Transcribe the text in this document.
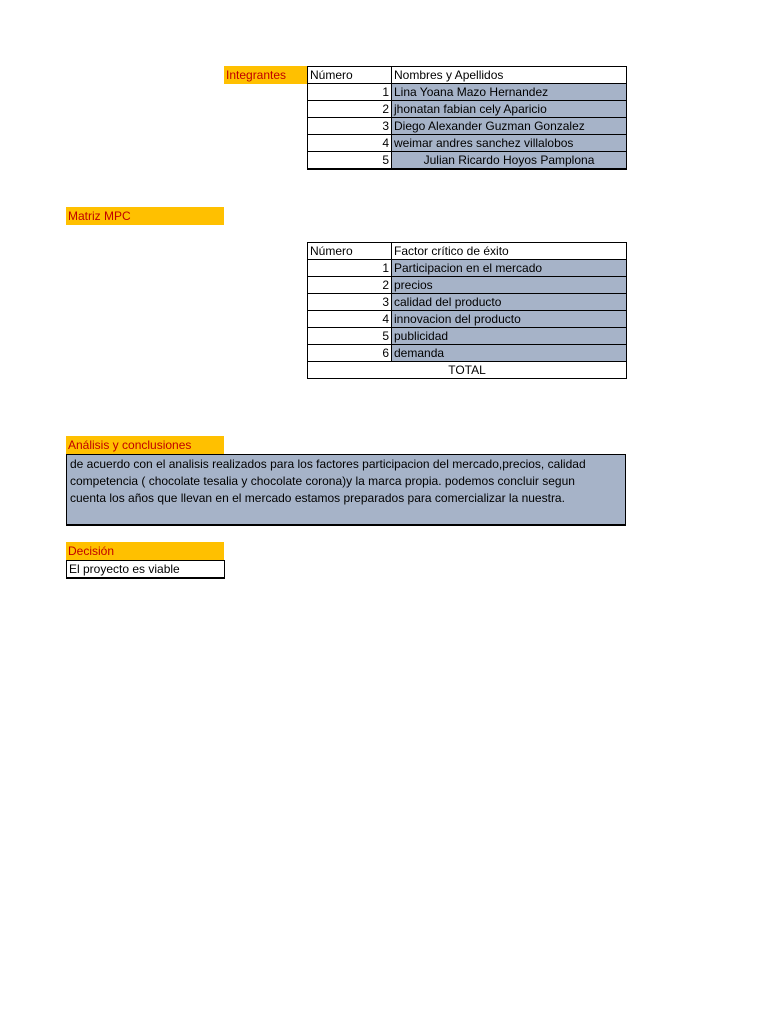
Integrantes	Número	Nombres y Apellidos
1	Lina Yoana Mazo Hernandez
2	jhonatan fabian cely Aparicio
3	Diego Alexander Guzman Gonzalez
4	weimar andres sanchez villalobos
5	Julian Ricardo Hoyos Pamplona
Matriz MPC
Número	Factor crítico de éxito
1	Participacion en el mercado
2	precios
3	calidad del producto
4	innovacion del producto
5	publicidad
6	demanda
TOTAL	
Análisis y conclusiones
de acuerdo con el analisis realizados para los factores participacion del mercado,precios, calidad
competencia ( chocolate tesalia y chocolate corona)y la marca propia. podemos concluir segun
cuenta los años que llevan en el mercado estamos preparados para comercializar la nuestra.
Decisión
El proyecto es viable
